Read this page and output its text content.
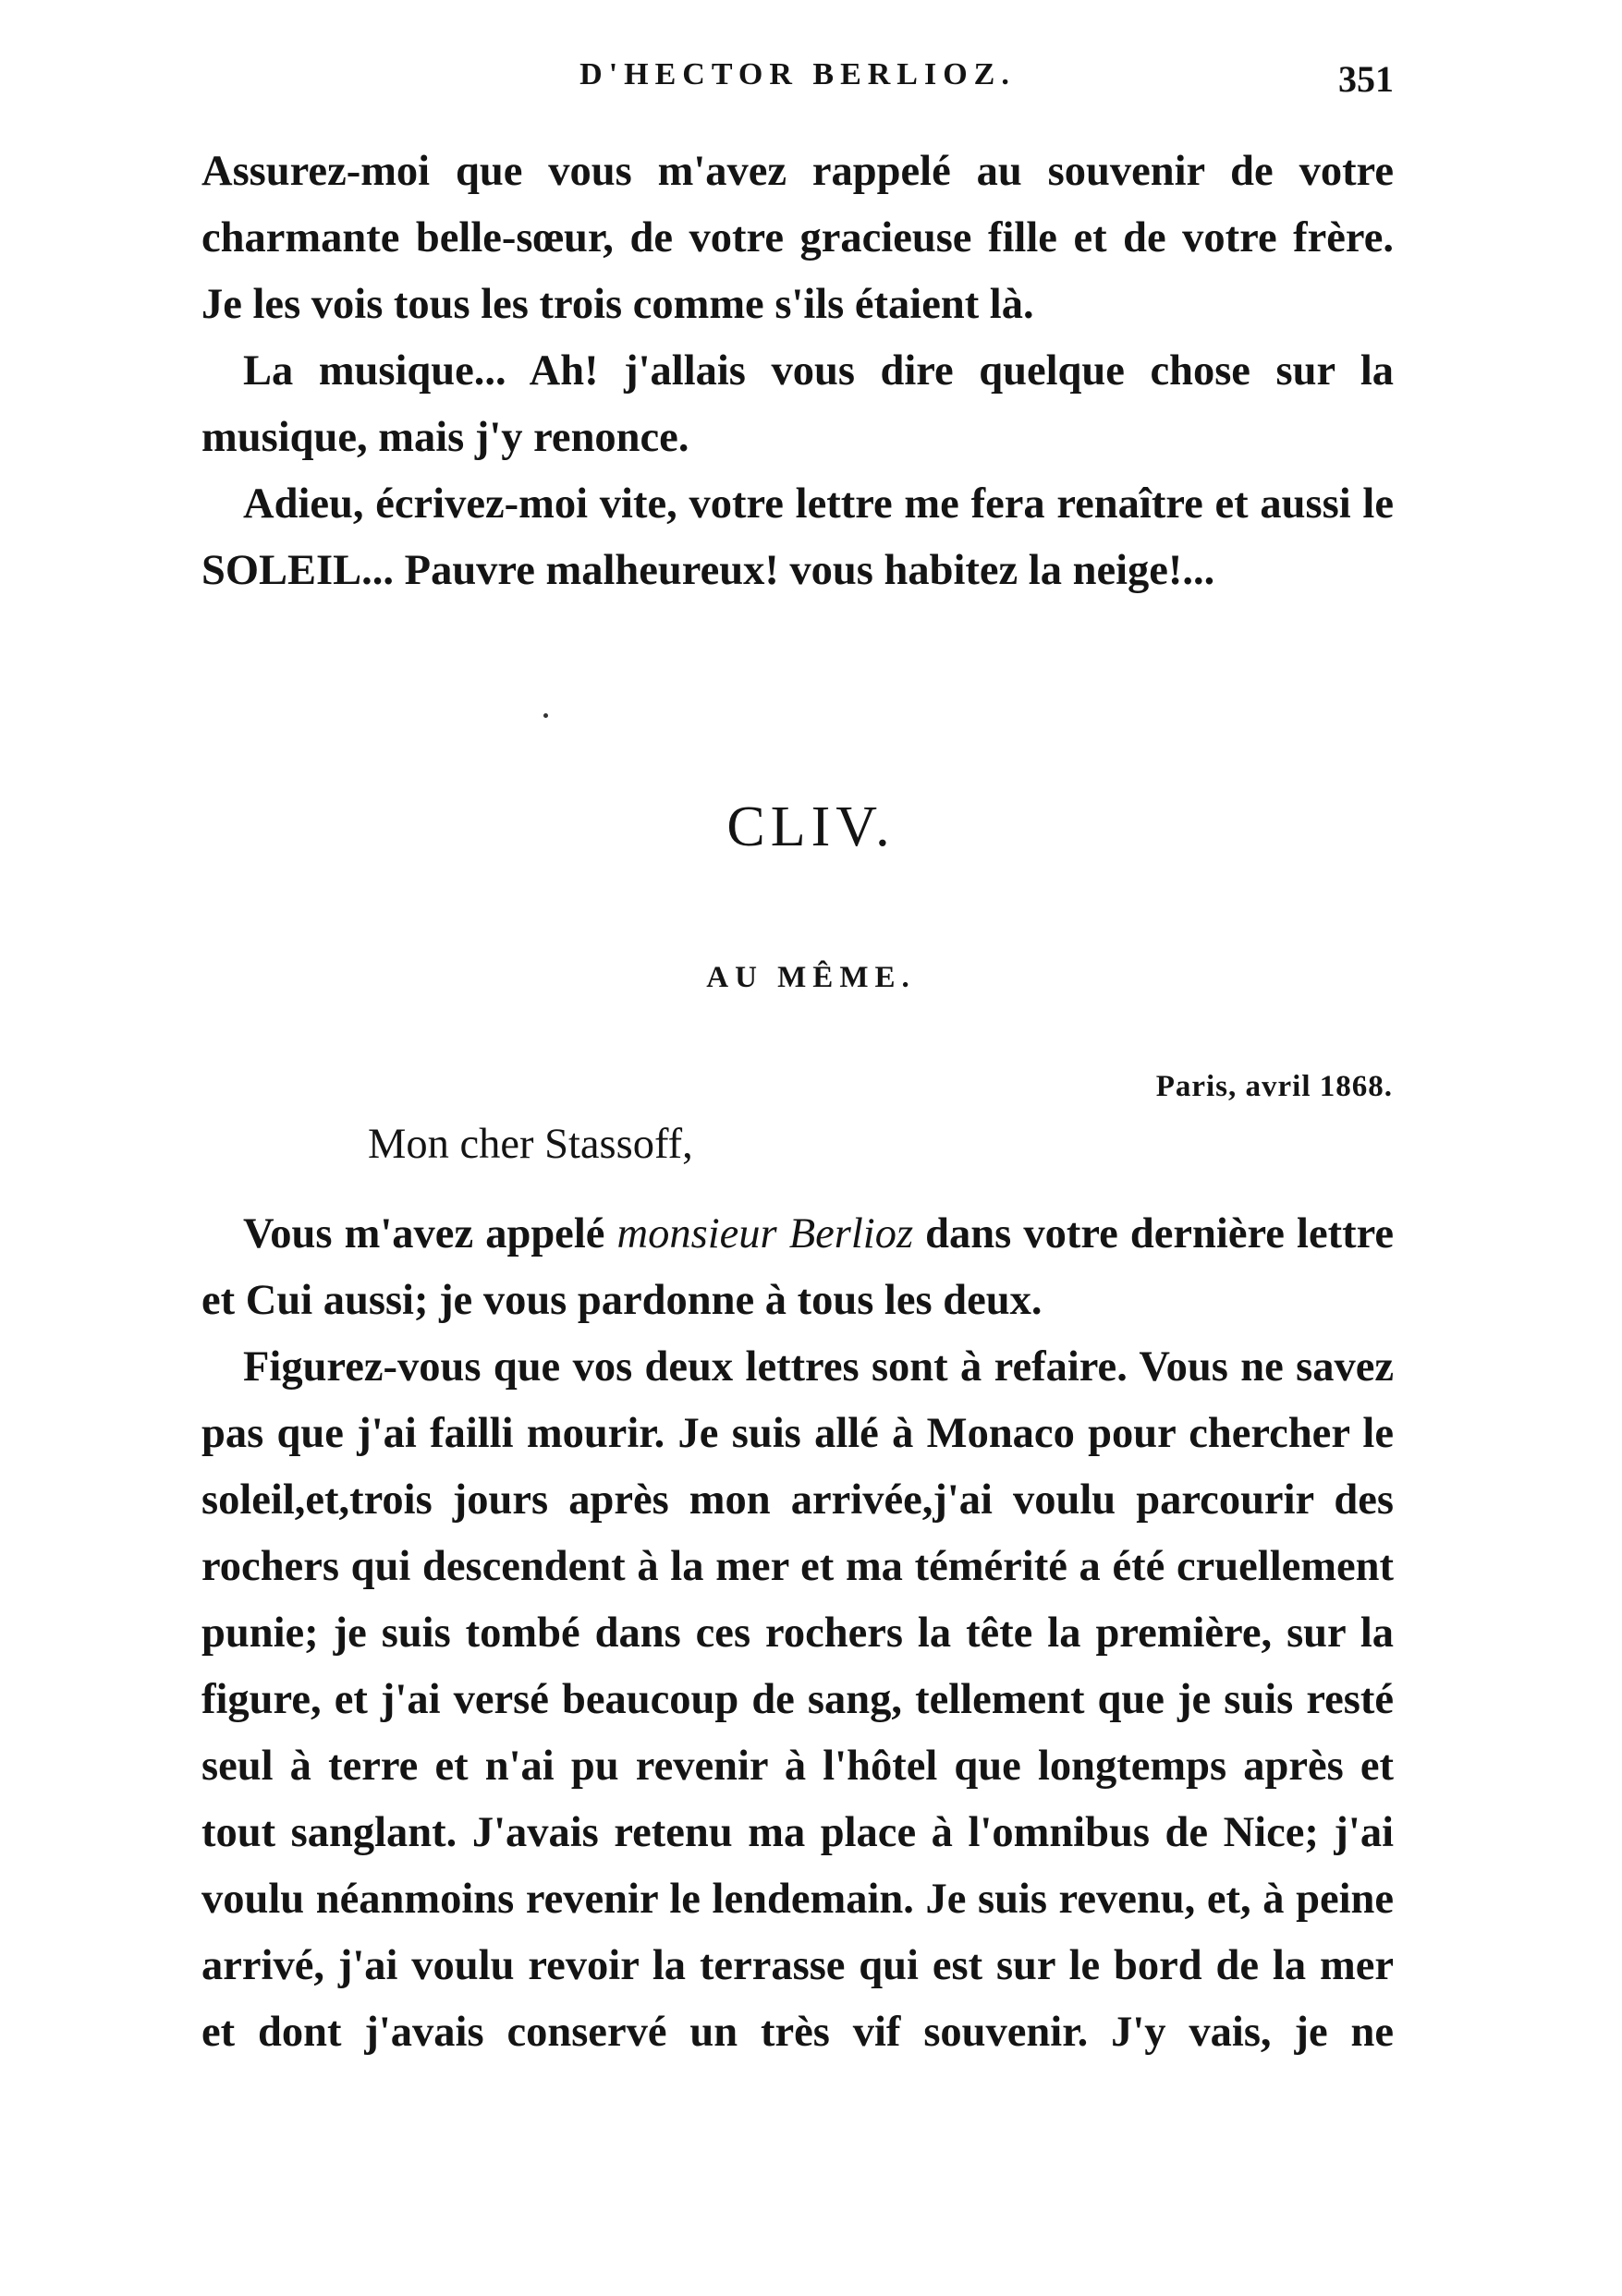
D'HECTOR BERLIOZ.	351

Assurez-moi que vous m'avez rappelé au souvenir de votre charmante belle-sœur, de votre gracieuse fille et de votre frère. Je les vois tous les trois comme s'ils étaient là.

La musique... Ah! j'allais vous dire quelque chose sur la musique, mais j'y renonce.

Adieu, écrivez-moi vite, votre lettre me fera renaître et aussi le SOLEIL... Pauvre malheureux! vous habitez la neige!...

CLIV.
AU MÊME.
Paris, avril 1868.
Mon cher Stassoff,

Vous m'avez appelé monsieur Berlioz dans votre dernière lettre et Cui aussi; je vous pardonne à tous les deux.

Figurez-vous que vos deux lettres sont à refaire. Vous ne savez pas que j'ai failli mourir. Je suis allé à Monaco pour chercher le soleil,et,trois jours après mon arrivée,j'ai voulu parcourir des rochers qui descendent à la mer et ma témérité a été cruellement punie; je suis tombé dans ces rochers la tête la première, sur la figure, et j'ai versé beaucoup de sang, tellement que je suis resté seul à terre et n'ai pu revenir à l'hôtel que longtemps après et tout sanglant. J'avais retenu ma place à l'omnibus de Nice; j'ai voulu néanmoins revenir le lendemain. Je suis revenu, et, à peine arrivé, j'ai voulu revoir la terrasse qui est sur le bord de la mer et dont j'avais conservé un très vif souvenir. J'y vais, je ne
